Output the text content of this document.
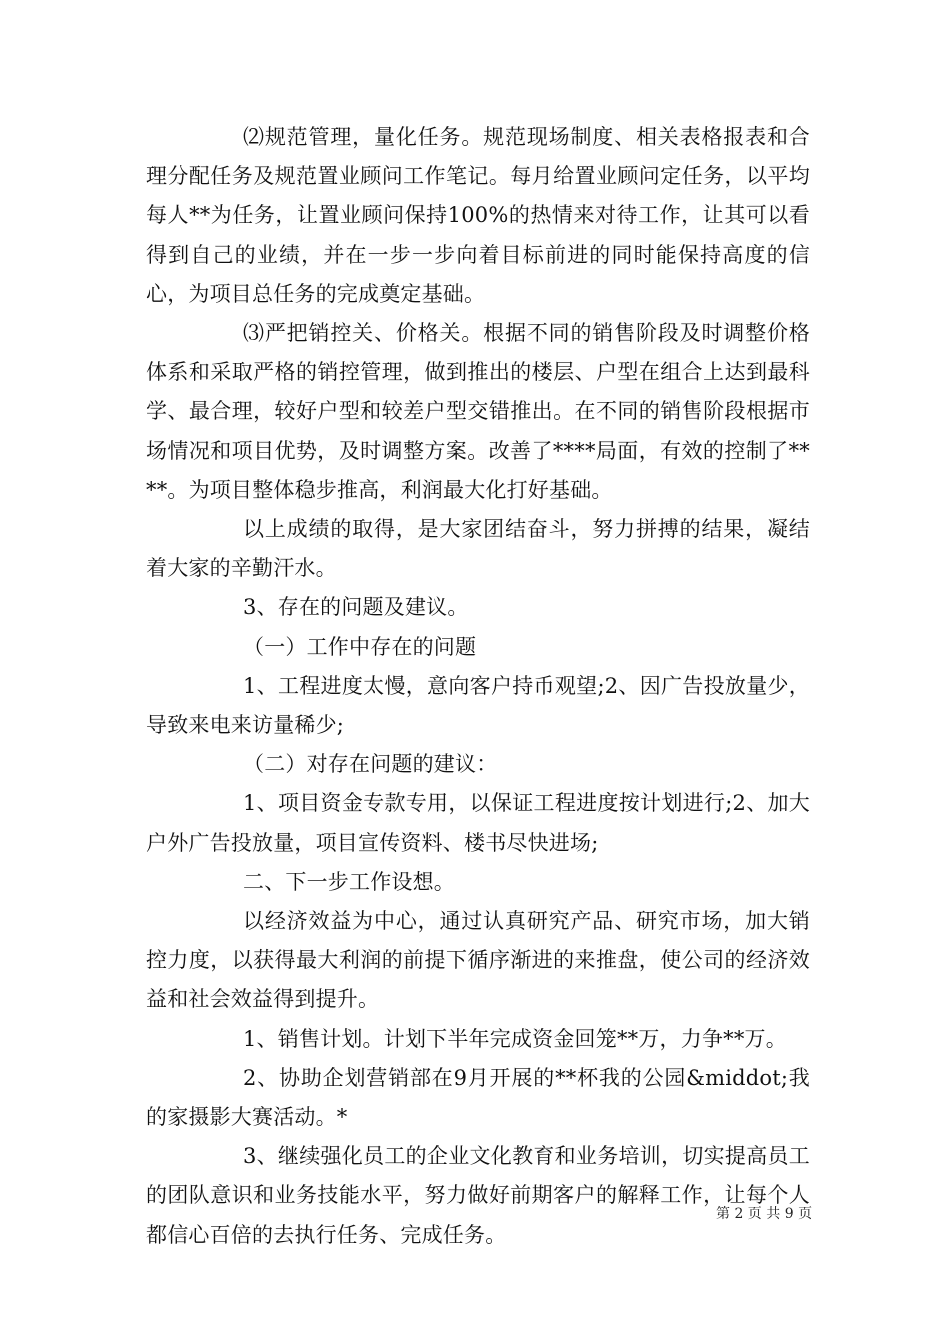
⑵规范管理，量化任务。规范现场制度、相关表格报表和合理分配任务及规范置业顾问工作笔记。每月给置业顾问定任务，以平均每人**为任务，让置业顾问保持100%的热情来对待工作，让其可以看得到自己的业绩，并在一步一步向着目标前进的同时能保持高度的信心，为项目总任务的完成奠定基础。

⑶严把销控关、价格关。根据不同的销售阶段及时调整价格体系和采取严格的销控管理，做到推出的楼层、户型在组合上达到最科学、最合理，较好户型和较差户型交错推出。在不同的销售阶段根据市场情况和项目优势，及时调整方案。改善了****局面，有效的控制了****。为项目整体稳步推高，利润最大化打好基础。

以上成绩的取得，是大家团结奋斗，努力拼搏的结果，凝结着大家的辛勤汗水。

3、存在的问题及建议。

（一）工作中存在的问题

1、工程进度太慢，意向客户持币观望;2、因广告投放量少，导致来电来访量稀少;

（二）对存在问题的建议：

1、项目资金专款专用，以保证工程进度按计划进行;2、加大户外广告投放量，项目宣传资料、楼书尽快进场;

二、下一步工作设想。

以经济效益为中心，通过认真研究产品、研究市场，加大销控力度，以获得最大利润的前提下循序渐进的来推盘，使公司的经济效益和社会效益得到提升。

1、销售计划。计划下半年完成资金回笼**万，力争**万。

2、协助企划营销部在9月开展的**杯我的公园&middot;我的家摄影大赛活动。*

3、继续强化员工的企业文化教育和业务培训，切实提高员工的团队意识和业务技能水平，努力做好前期客户的解释工作，让每个人都信心百倍的去执行任务、完成任务。

第 2 页 共 9 页
